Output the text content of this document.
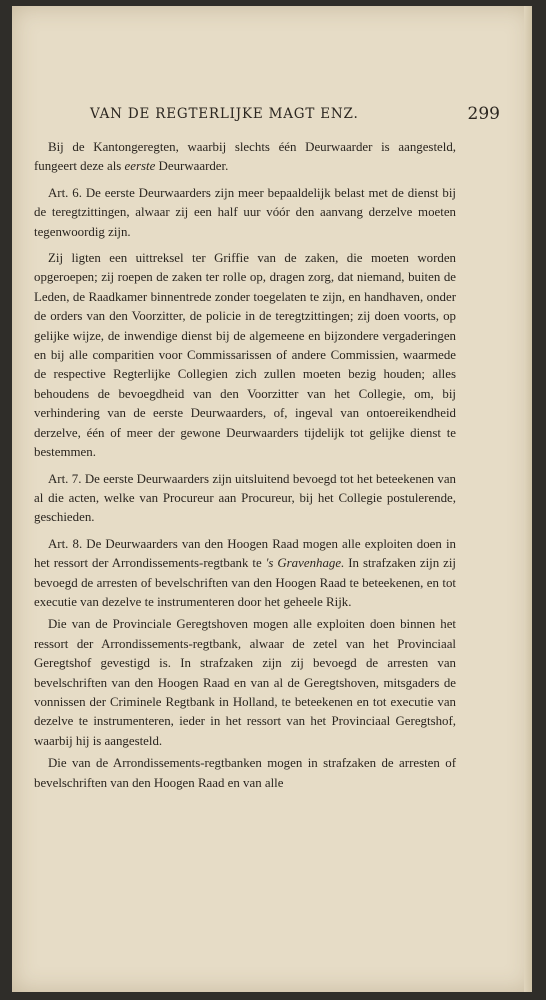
VAN DE REGTERLIJKE MAGT ENZ.	299

Bij de Kantongeregten, waarbij slechts één Deurwaarder is aangesteld, fungeert deze als eerste Deurwaarder.

Art. 6. De eerste Deurwaarders zijn meer bepaaldelijk belast met de dienst bij de teregtzittingen, alwaar zij een half uur vóór den aanvang derzelve moeten tegenwoordig zijn.

Zij ligten een uittreksel ter Griffie van de zaken, die moeten worden opgeroepen; zij roepen de zaken ter rolle op, dragen zorg, dat niemand, buiten de Leden, de Raadkamer binnentrede zonder toegelaten te zijn, en handhaven, onder de orders van den Voorzitter, de policie in de teregtzittingen; zij doen voorts, op gelijke wijze, de inwendige dienst bij de algemeene en bijzondere vergaderingen en bij alle comparitien voor Commissarissen of andere Commissien, waarmede de respective Regterlijke Collegien zich zullen moeten bezig houden; alles behoudens de bevoegdheid van den Voorzitter van het Collegie, om, bij verhindering van de eerste Deurwaarders, of, ingeval van ontoereikendheid derzelve, één of meer der gewone Deurwaarders tijdelijk tot gelijke dienst te bestemmen.

Art. 7. De eerste Deurwaarders zijn uitsluitend bevoegd tot het beteekenen van al die acten, welke van Procureur aan Procureur, bij het Collegie postulerende, geschieden.

Art. 8. De Deurwaarders van den Hoogen Raad mogen alle exploiten doen in het ressort der Arrondissements-regtbank te 's Gravenhage. In strafzaken zijn zij bevoegd de arresten of bevelschriften van den Hoogen Raad te beteekenen, en tot executie van dezelve te instrumenteren door het geheele Rijk.

Die van de Provinciale Geregtshoven mogen alle exploiten doen binnen het ressort der Arrondissements-regtbank, alwaar de zetel van het Provinciaal Geregtshof gevestigd is. In strafzaken zijn zij bevoegd de arresten van bevelschriften van den Hoogen Raad en van al de Geregtshoven, mitsgaders de vonnissen der Criminele Regtbank in Holland, te beteekenen en tot executie van dezelve te instrumenteren, ieder in het ressort van het Provinciaal Geregtshof, waarbij hij is aangesteld.

Die van de Arrondissements-regtbanken mogen in strafzaken de arresten of bevelschriften van den Hoogen Raad en van alle
